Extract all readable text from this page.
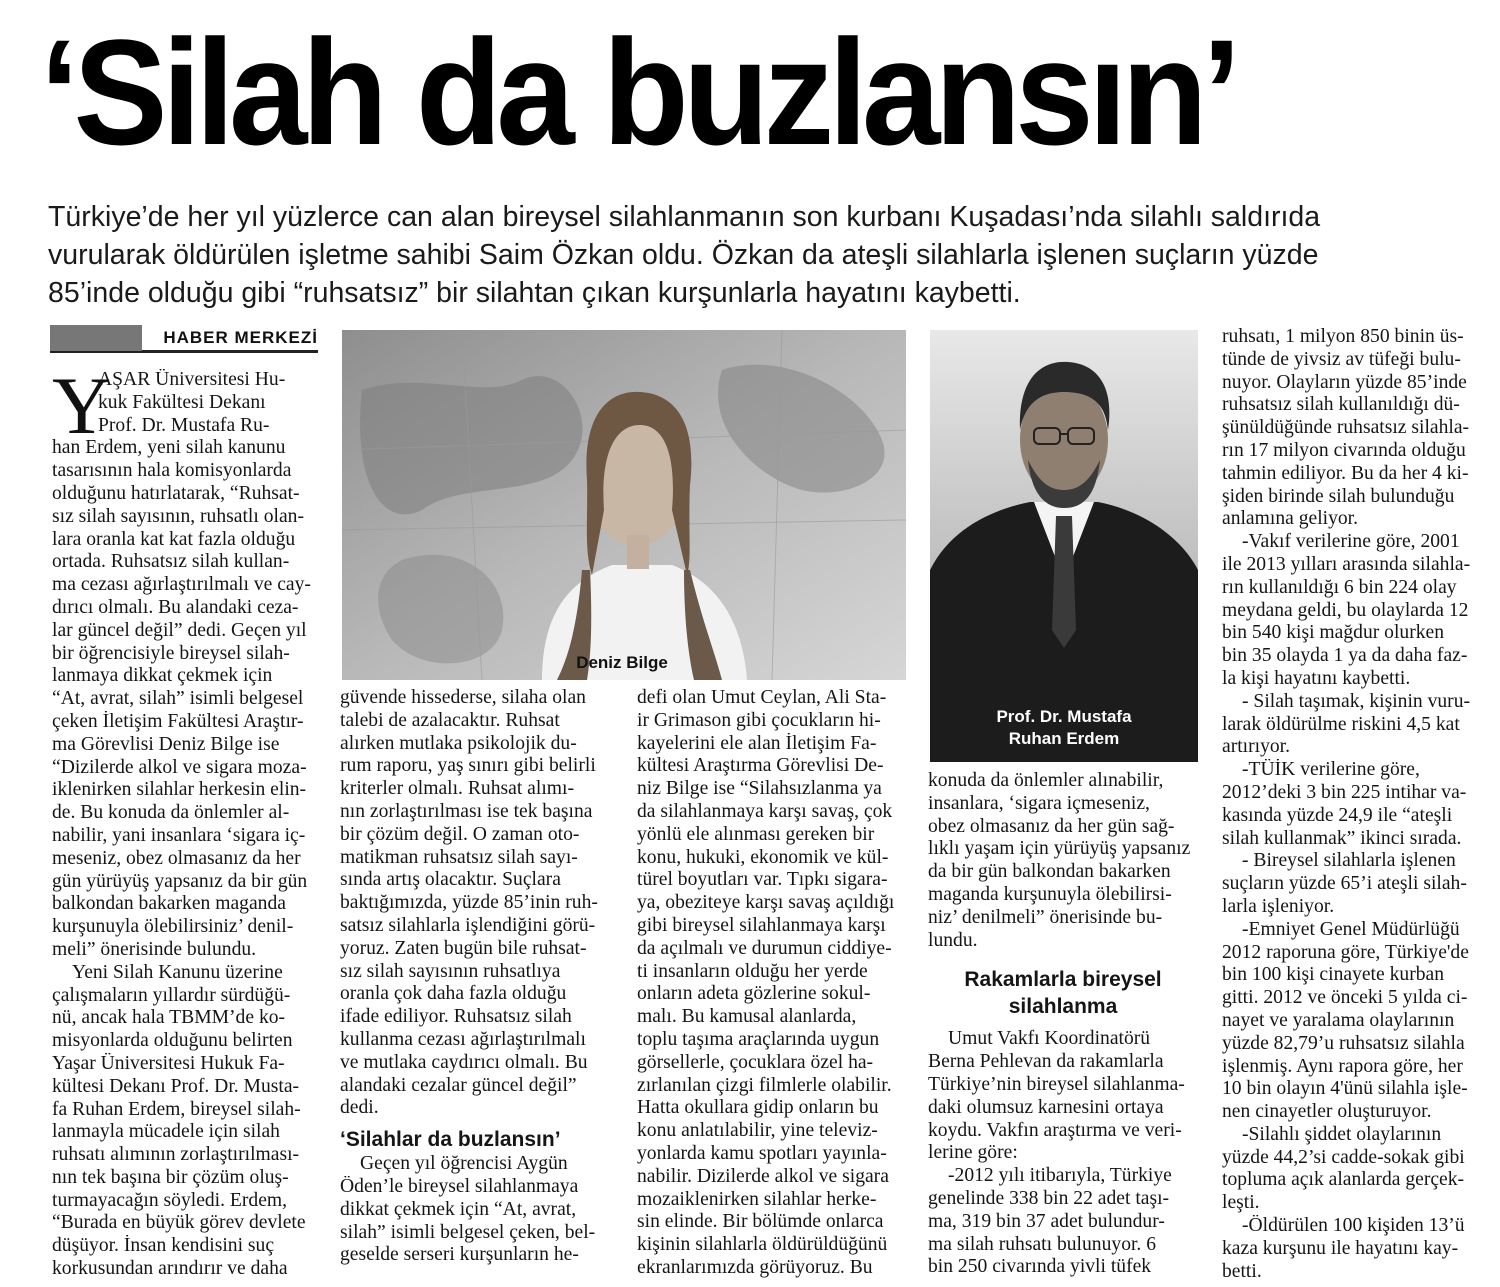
‘Silah da buzlansın’

Türkiye’de her yıl yüzlerce can alan bireysel silahlanmanın son kurbanı Kuşadası’nda silahlı saldırıda

vurularak öldürülen işletme sahibi Saim Özkan oldu. Özkan da ateşli silahlarla işlenen suçların yüzde

85’inde olduğu gibi “ruhsatsız” bir silahtan çıkan kurşunlarla hayatını kaybetti.

HABER MERKEZİ
Y

AŞAR Üniversitesi Hu-

kuk Fakültesi Dekanı

Prof. Dr. Mustafa Ru-

han Erdem, yeni silah kanunu

tasarısının hala komisyonlarda

olduğunu hatırlatarak, “Ruhsat-

sız silah sayısının, ruhsatlı olan-

lara oranla kat kat fazla olduğu

ortada. Ruhsatsız silah kullan-

ma cezası ağırlaştırılmalı ve cay-

dırıcı olmalı. Bu alandaki ceza-

lar güncel değil” dedi. Geçen yıl

bir öğrencisiyle bireysel silah-

lanmaya dikkat çekmek için

“At, avrat, silah” isimli belgesel

çeken İletişim Fakültesi Araştır-

ma Görevlisi Deniz Bilge ise

“Dizilerde alkol ve sigara moza-

iklenirken silahlar herkesin elin-

de. Bu konuda da önlemler al-

nabilir, yani insanlara ‘sigara iç-

meseniz, obez olmasanız da her

gün yürüyüş yapsanız da bir gün

balkondan bakarken maganda

kurşunuyla ölebilirsiniz’ denil-

meli” önerisinde bulundu.

Yeni Silah Kanunu üzerine

çalışmaların yıllardır sürdüğü-

nü, ancak hala TBMM’de ko-

misyonlarda olduğunu belirten

Yaşar Üniversitesi Hukuk Fa-

kültesi Dekanı Prof. Dr. Musta-

fa Ruhan Erdem, bireysel silah-

lanmayla mücadele için silah

ruhsatı alımının zorlaştırılması-

nın tek başına bir çözüm oluş-

turmayacağın söyledi. Erdem,

“Burada en büyük görev devlete

düşüyor. İnsan kendisini suç

korkusundan arındırır ve daha

Deniz Bilge

güvende hissederse, silaha olan

talebi de azalacaktır. Ruhsat

alırken mutlaka psikolojik du-

rum raporu, yaş sınırı gibi belirli

kriterler olmalı. Ruhsat alımı-

nın zorlaştırılması ise tek başına

bir çözüm değil. O zaman oto-

matikman ruhsatsız silah sayı-

sında artış olacaktır. Suçlara

baktığımızda, yüzde 85’inin ruh-

satsız silahlarla işlendiğini görü-

yoruz. Zaten bugün bile ruhsat-

sız silah sayısının ruhsatlıya

oranla çok daha fazla olduğu

ifade ediliyor. Ruhsatsız silah

kullanma cezası ağırlaştırılmalı

ve mutlaka caydırıcı olmalı. Bu

alandaki cezalar güncel değil”

dedi.

‘Silahlar da buzlansın’

Geçen yıl öğrencisi Aygün

Öden’le bireysel silahlanmaya

dikkat çekmek için “At, avrat,

silah” isimli belgesel çeken, bel-

geselde serseri kurşunların he-

defi olan Umut Ceylan, Ali Sta-

ir Grimason gibi çocukların hi-

kayelerini ele alan İletişim Fa-

kültesi Araştırma Görevlisi De-

niz Bilge ise “Silahsızlanma ya

da silahlanmaya karşı savaş, çok

yönlü ele alınması gereken bir

konu, hukuki, ekonomik ve kül-

türel boyutları var. Tıpkı sigara-

ya, obeziteye karşı savaş açıldığı

gibi bireysel silahlanmaya karşı

da açılmalı ve durumun ciddiye-

ti insanların olduğu her yerde

onların adeta gözlerine sokul-

malı. Bu kamusal alanlarda,

toplu taşıma araçlarında uygun

görsellerle, çocuklara özel ha-

zırlanılan çizgi filmlerle olabilir.

Hatta okullara gidip onların bu

konu anlatılabilir, yine televiz-

yonlarda kamu spotları yayınla-

nabilir. Dizilerde alkol ve sigara

mozaiklenirken silahlar herke-

sin elinde. Bir bölümde onlarca

kişinin silahlarla öldürüldüğünü

ekranlarımızda görüyoruz. Bu

Prof. Dr. Mustafa
Ruhan Erdem

konuda da önlemler alınabilir,

insanlara, ‘sigara içmeseniz,

obez olmasanız da her gün sağ-

lıklı yaşam için yürüyüş yapsanız

da bir gün balkondan bakarken

maganda kurşunuyla ölebilirsi-

niz’ denilmeli” önerisinde bu-

lundu.

Rakamlarla bireysel
silahlanma

Umut Vakfı Koordinatörü

Berna Pehlevan da rakamlarla

Türkiye’nin bireysel silahlanma-

daki olumsuz karnesini ortaya

koydu. Vakfın araştırma ve veri-

lerine göre:

-2012 yılı itibarıyla, Türkiye

genelinde 338 bin 22 adet taşı-

ma, 319 bin 37 adet bulundur-

ma silah ruhsatı bulunuyor. 6

bin 250 civarında yivli tüfek

ruhsatı, 1 milyon 850 binin üs-

tünde de yivsiz av tüfeği bulu-

nuyor. Olayların yüzde 85’inde

ruhsatsız silah kullanıldığı dü-

şünüldüğünde ruhsatsız silahla-

rın 17 milyon civarında olduğu

tahmin ediliyor. Bu da her 4 ki-

şiden birinde silah bulunduğu

anlamına geliyor.

-Vakıf verilerine göre, 2001

ile 2013 yılları arasında silahla-

rın kullanıldığı 6 bin 224 olay

meydana geldi, bu olaylarda 12

bin 540 kişi mağdur olurken

bin 35 olayda 1 ya da daha faz-

la kişi hayatını kaybetti.

- Silah taşımak, kişinin vuru-

larak öldürülme riskini 4,5 kat

artırıyor.

-TÜİK verilerine göre,

2012’deki 3 bin 225 intihar va-

kasında yüzde 24,9 ile “ateşli

silah kullanmak” ikinci sırada.

- Bireysel silahlarla işlenen

suçların yüzde 65’i ateşli silah-

larla işleniyor.

-Emniyet Genel Müdürlüğü

2012 raporuna göre, Türkiye'de

bin 100 kişi cinayete kurban

gitti. 2012 ve önceki 5 yılda ci-

nayet ve yaralama olaylarının

yüzde 82,79’u ruhsatsız silahla

işlenmiş. Aynı rapora göre, her

10 bin olayın 4'ünü silahla işle-

nen cinayetler oluşturuyor.

-Silahlı şiddet olaylarının

yüzde 44,2’si cadde-sokak gibi

topluma açık alanlarda gerçek-

leşti.

-Öldürülen 100 kişiden 13’ü

kaza kurşunu ile hayatını kay-

betti.
